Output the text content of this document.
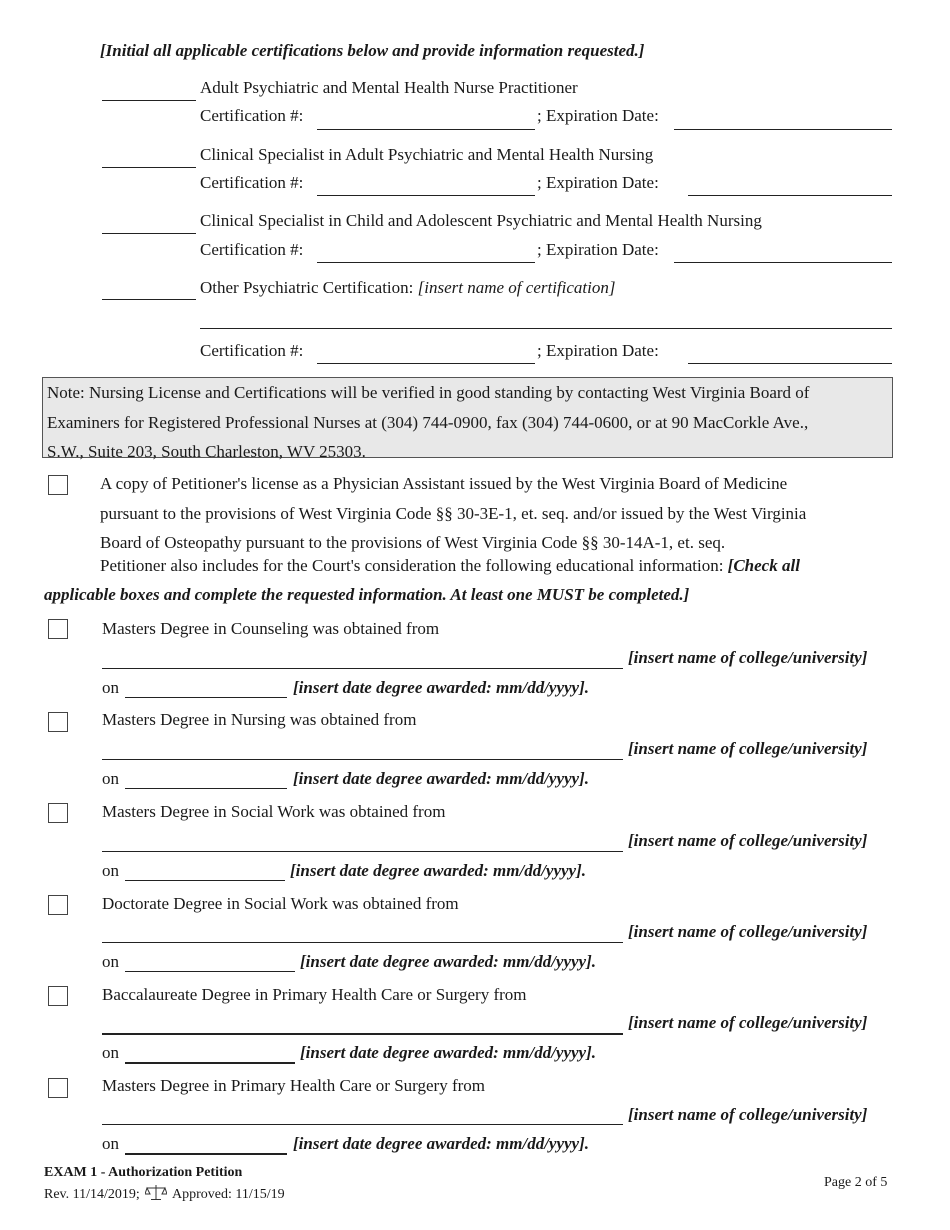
[Initial all applicable certifications below and provide information requested.]
Adult Psychiatric and Mental Health Nurse Practitioner
Certification #:	; Expiration Date:
Clinical Specialist in Adult Psychiatric and Mental Health Nursing
Certification #:	; Expiration Date:
Clinical Specialist in Child and Adolescent Psychiatric and Mental Health Nursing
Certification #:	; Expiration Date:
Other Psychiatric Certification: [insert name of certification]
Certification #:	; Expiration Date:
Note: Nursing License and Certifications will be verified in good standing by contacting West Virginia Board of
Examiners for Registered Professional Nurses at (304) 744-0900, fax (304) 744-0600, or at 90 MacCorkle Ave.,
S.W., Suite 203, South Charleston, WV 25303.
A copy of Petitioner's license as a Physician Assistant issued by the West Virginia Board of Medicine
pursuant to the provisions of West Virginia Code §§ 30-3E-1, et. seq. and/or issued by the West Virginia
Board of Osteopathy pursuant to the provisions of West Virginia Code §§ 30-14A-1, et. seq.
Petitioner also includes for the Court's consideration the following educational information: [Check all
applicable boxes and complete the requested information. At least one MUST be completed.]
Masters Degree in Counseling was obtained from
[insert name of college/university]
on	[insert date degree awarded: mm/dd/yyyy].
Masters Degree in Nursing was obtained from
[insert name of college/university]
on	[insert date degree awarded: mm/dd/yyyy].
Masters Degree in Social Work was obtained from
[insert name of college/university]
on	[insert date degree awarded: mm/dd/yyyy].
Doctorate Degree in Social Work was obtained from
[insert name of college/university]
on	[insert date degree awarded: mm/dd/yyyy].
Baccalaureate Degree in Primary Health Care or Surgery from
[insert name of college/university]
on	[insert date degree awarded: mm/dd/yyyy].
Masters Degree in Primary Health Care or Surgery from
[insert name of college/university]
on	[insert date degree awarded: mm/dd/yyyy].
EXAM 1 - Authorization Petition
Rev. 11/14/2019; Approved: 11/15/19
Page 2 of 5
